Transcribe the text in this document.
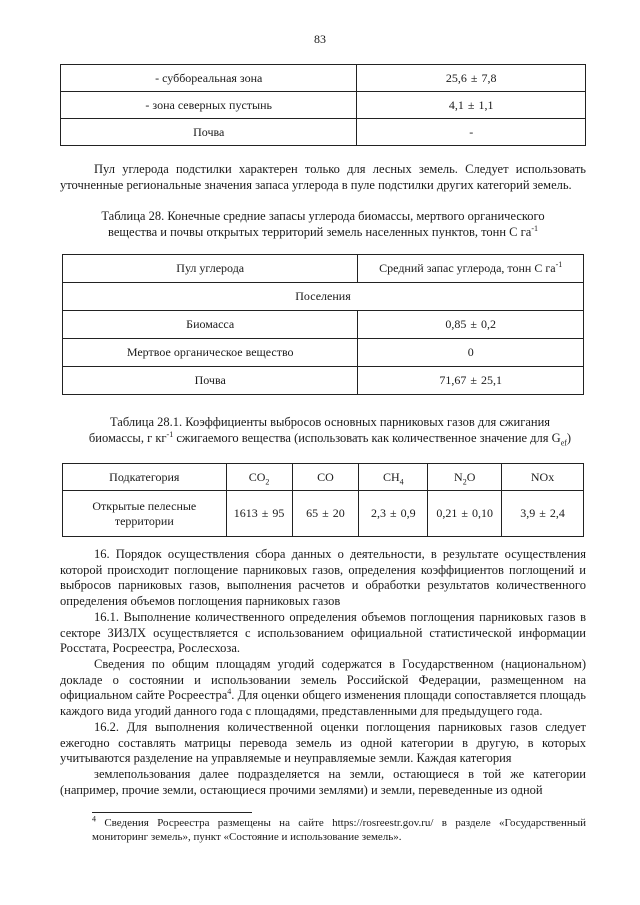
83
- суббореальная зона	25,6 ± 7,8
- зона северных пустынь	4,1 ± 1,1
Почва	-

Пул углерода подстилки характерен только для лесных земель. Следует использовать уточненные региональные значения запаса углерода в пуле подстилки других категорий земель.

Таблица 28. Конечные средние запасы углерода биомассы, мертвого органического
вещества и почвы открытых территорий земель населенных пунктов, тонн С $га^{-1}$
Пул углерода	Средний запас углерода, тонн С $га^{-1}$
Поселения	
Биомасса	0,85 ± 0,2
Мертвое органическое вещество	0
Почва	71,67 ± 25,1
Таблица 28.1. Коэффициенты выбросов основных парниковых газов для сжигания
биомассы, г $кг^{-1}$ сжигаемого вещества (использовать как количественное значение для $G_{ef}$)
Подкатегория	$CO_2$	CO	$CH_4$	$N_2O$	NOx
Открытые пелесные территории	1613 ± 95	65 ± 20	2,3 ± 0,9	0,21 ± 0,10	3,9 ± 2,4

16. Порядок осуществления сбора данных о деятельности, в результате осуществления которой происходит поглощение парниковых газов, определения коэффициентов поглощений и выбросов парниковых газов, выполнения расчетов и обработки результатов количественного определения объемов поглощения парниковых газов

16.1. Выполнение количественного определения объемов поглощения парниковых газов в секторе ЗИЗЛХ осуществляется с использованием официальной статистической информации Росстата, Росреестра, Рослесхоза.

Сведения по общим площадям угодий содержатся в Государственном (национальном) докладе о состоянии и использовании земель Российской Федерации, размещенном на официальном сайте Росреестра$^4$. Для оценки общего изменения площади сопоставляется площадь каждого вида угодий данного года с площадями, представленными для предыдущего года.

16.2. Для выполнения количественной оценки поглощения парниковых газов следует ежегодно составлять матрицы перевода земель из одной категории в другую, в которых учитываются разделение на управляемые и неуправляемые земли. Каждая категория

землепользования далее подразделяется на земли, остающиеся в той же категории (например, прочие земли, остающиеся прочими землями) и земли, переведенные из одной

$^4$ Сведения Росреестра размещены на сайте https://rosreestr.gov.ru/ в разделе «Государственный мониторинг земель», пункт «Состояние и использование земель».
